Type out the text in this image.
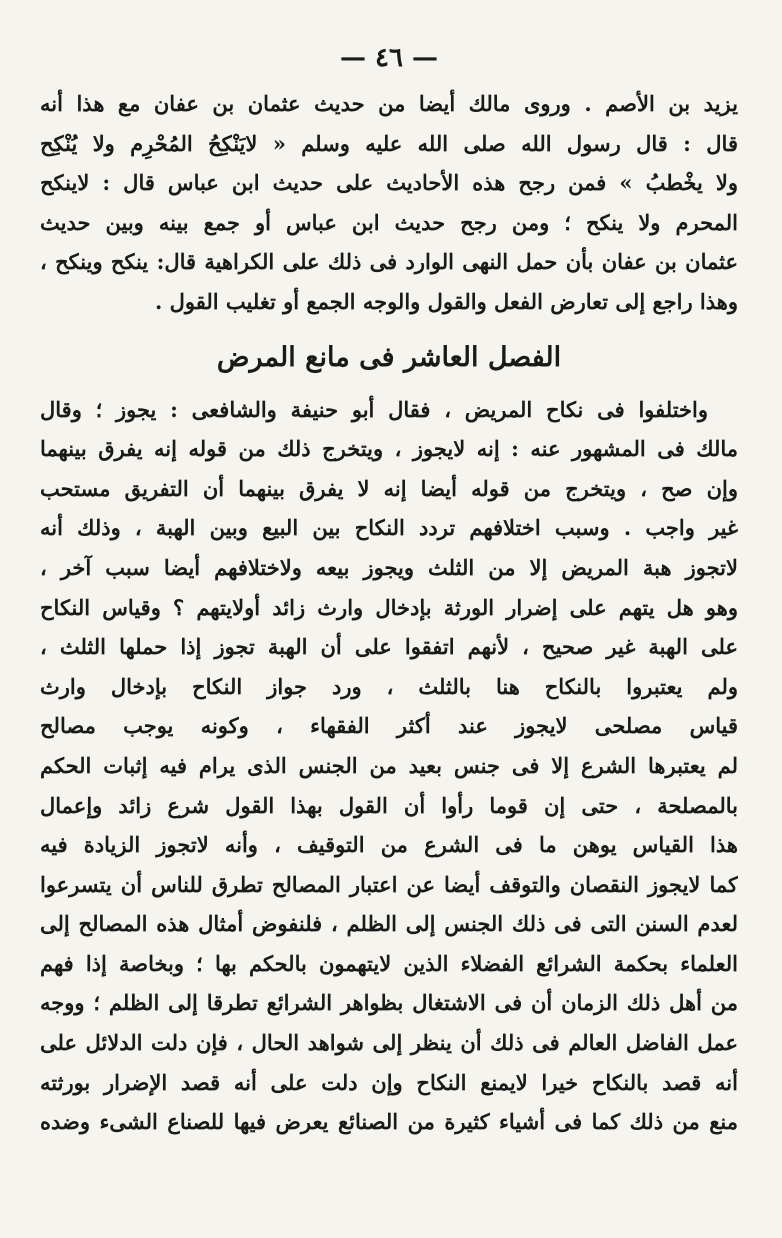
— ٤٦ —
يزيد بن الأصم . وروى مالك أيضا من حديث عثمان بن عفان مع هذا أنه
قال : قال رسول الله صلى الله عليه وسلم « لايَنْكِحُ المُحْرِم ولا يُنْكِح
ولا يخْطبُ » فمن رجح هذه الأحاديث على حديث ابن عباس قال : لاينكح
المحرم ولا ينكح ؛ ومن رجح حديث ابن عباس أو جمع بينه وبين حديث
عثمان بن عفان بأن حمل النهى الوارد فى ذلك على الكراهية قال: ينكح وينكح ،
وهذا راجع إلى تعارض الفعل والقول والوجه الجمع أو تغليب القول .
الفصل العاشر فى مانع المرض
واختلفوا فى نكاح المريض ، فقال أبو حنيفة والشافعى : يجوز ؛ وقال
مالك فى المشهور عنه : إنه لايجوز ، ويتخرج ذلك من قوله إنه يفرق بينهما
وإن صح ، ويتخرج من قوله أيضا إنه لا يفرق بينهما أن التفريق مستحب
غير واجب . وسبب اختلافهم تردد النكاح بين البيع وبين الهبة ، وذلك أنه
لاتجوز هبة المريض إلا من الثلث ويجوز بيعه ولاختلافهم أيضا سبب آخر ،
وهو هل يتهم على إضرار الورثة بإدخال وارث زائد أولايتهم ؟ وقياس النكاح
على الهبة غير صحيح ، لأنهم اتفقوا على أن الهبة تجوز إذا حملها الثلث ،
ولم يعتبروا بالنكاح هنا بالثلث ، ورد جواز النكاح بإدخال وارث
قياس مصلحى لايجوز عند أكثر الفقهاء ، وكونه يوجب مصالح
لم يعتبرها الشرع إلا فى جنس بعيد من الجنس الذى يرام فيه إثبات الحكم
بالمصلحة ، حتى إن قوما رأوا أن القول بهذا القول شرع زائد وإعمال
هذا القياس يوهن ما فى الشرع من التوقيف ، وأنه لاتجوز الزيادة فيه
كما لايجوز النقصان والتوقف أيضا عن اعتبار المصالح تطرق للناس أن يتسرعوا
لعدم السنن التى فى ذلك الجنس إلى الظلم ، فلنفوض أمثال هذه المصالح إلى
العلماء بحكمة الشرائع الفضلاء الذين لايتهمون بالحكم بها ؛ وبخاصة إذا فهم
من أهل ذلك الزمان أن فى الاشتغال بظواهر الشرائع تطرقا إلى الظلم ؛ ووجه
عمل الفاضل العالم فى ذلك أن ينظر إلى شواهد الحال ، فإن دلت الدلائل على
أنه قصد بالنكاح خيرا لايمنع النكاح وإن دلت على أنه قصد الإضرار بورثته
منع من ذلك كما فى أشياء كثيرة من الصنائع يعرض فيها للصناع الشىء وضده
